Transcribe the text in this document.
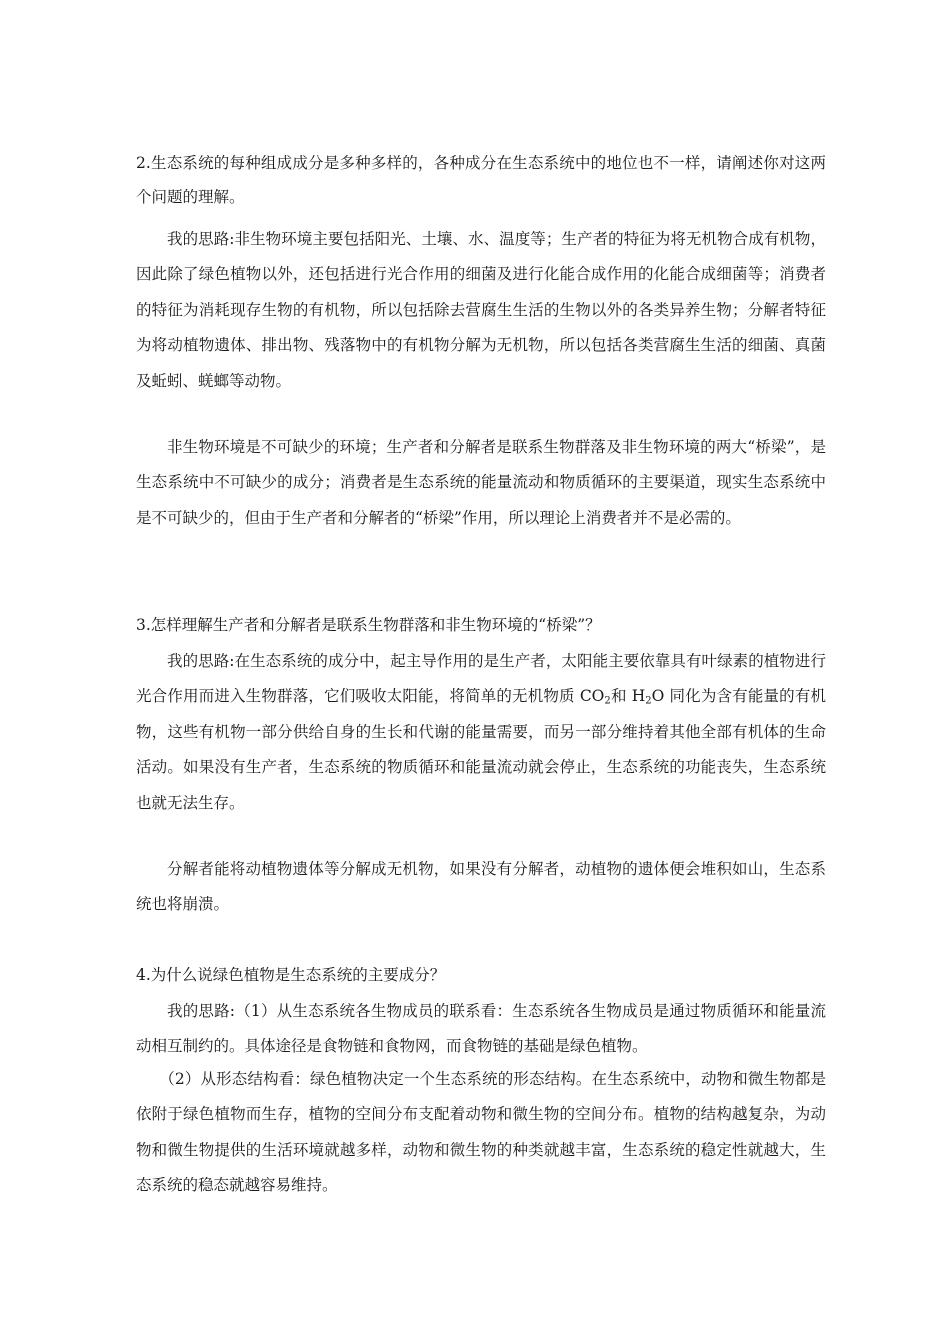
2.生态系统的每种组成成分是多种多样的，各种成分在生态系统中的地位也不一样，请阐述你对这两个问题的理解。

我的思路:非生物环境主要包括阳光、土壤、水、温度等；生产者的特征为将无机物合成有机物，因此除了绿色植物以外，还包括进行光合作用的细菌及进行化能合成作用的化能合成细菌等；消费者的特征为消耗现存生物的有机物，所以包括除去营腐生生活的生物以外的各类异养生物；分解者特征为将动植物遗体、排出物、残落物中的有机物分解为无机物，所以包括各类营腐生生活的细菌、真菌及蚯蚓、蜣螂等动物。

非生物环境是不可缺少的环境；生产者和分解者是联系生物群落及非生物环境的两大“桥梁”，是生态系统中不可缺少的成分；消费者是生态系统的能量流动和物质循环的主要渠道，现实生态系统中是不可缺少的，但由于生产者和分解者的“桥梁”作用，所以理论上消费者并不是必需的。

3.怎样理解生产者和分解者是联系生物群落和非生物环境的“桥梁”？

我的思路:在生态系统的成分中，起主导作用的是生产者，太阳能主要依靠具有叶绿素的植物进行光合作用而进入生物群落，它们吸收太阳能，将简单的无机物质 $CO_2$和 $H_2O$ 同化为含有能量的有机物，这些有机物一部分供给自身的生长和代谢的能量需要，而另一部分维持着其他全部有机体的生命活动。如果没有生产者，生态系统的物质循环和能量流动就会停止，生态系统的功能丧失，生态系统也就无法生存。

分解者能将动植物遗体等分解成无机物，如果没有分解者，动植物的遗体便会堆积如山，生态系统也将崩溃。

4.为什么说绿色植物是生态系统的主要成分？

我的思路:（1）从生态系统各生物成员的联系看：生态系统各生物成员是通过物质循环和能量流动相互制约的。具体途径是食物链和食物网，而食物链的基础是绿色植物。

（2）从形态结构看：绿色植物决定一个生态系统的形态结构。在生态系统中，动物和微生物都是依附于绿色植物而生存，植物的空间分布支配着动物和微生物的空间分布。植物的结构越复杂，为动物和微生物提供的生活环境就越多样，动物和微生物的种类就越丰富，生态系统的稳定性就越大，生态系统的稳态就越容易维持。
